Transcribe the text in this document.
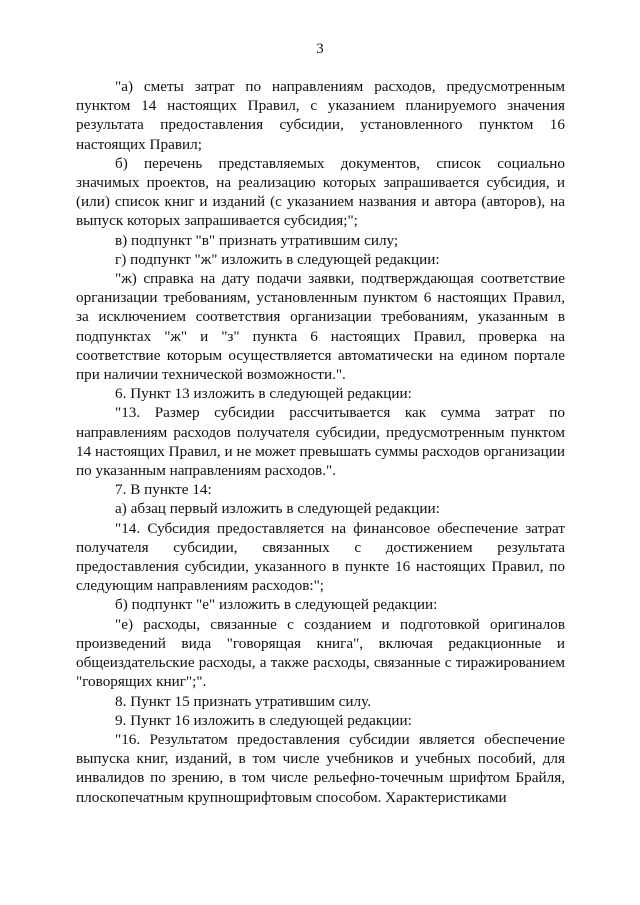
3

"а) сметы затрат по направлениям расходов, предусмотренным пунктом 14 настоящих Правил, с указанием планируемого значения результата предоставления субсидии, установленного пунктом 16 настоящих Правил;

б) перечень представляемых документов, список социально значимых проектов, на реализацию которых запрашивается субсидия, и (или) список книг и изданий (с указанием названия и автора (авторов), на выпуск которых запрашивается субсидия;";

в) подпункт "в" признать утратившим силу;

г) подпункт "ж" изложить в следующей редакции:

"ж) справка на дату подачи заявки, подтверждающая соответствие организации требованиям, установленным пунктом 6 настоящих Правил, за исключением соответствия организации требованиям, указанным в подпунктах "ж" и "з" пункта 6 настоящих Правил, проверка на соответствие которым осуществляется автоматически на едином портале при наличии технической возможности.".

6. Пункт 13 изложить в следующей редакции:

"13. Размер субсидии рассчитывается как сумма затрат по направлениям расходов получателя субсидии, предусмотренным пунктом 14 настоящих Правил, и не может превышать суммы расходов организации по указанным направлениям расходов.".

7. В пункте 14:

а) абзац первый изложить в следующей редакции:

"14. Субсидия предоставляется на финансовое обеспечение затрат получателя субсидии, связанных с достижением результата предоставления субсидии, указанного в пункте 16 настоящих Правил, по следующим направлениям расходов:";

б) подпункт "е" изложить в следующей редакции:

"е) расходы, связанные с созданием и подготовкой оригиналов произведений вида "говорящая книга", включая редакционные и общеиздательские расходы, а также расходы, связанные с тиражированием "говорящих книг";".

8. Пункт 15 признать утратившим силу.

9. Пункт 16 изложить в следующей редакции:

"16. Результатом предоставления субсидии является обеспечение выпуска книг, изданий, в том числе учебников и учебных пособий, для инвалидов по зрению, в том числе рельефно-точечным шрифтом Брайля, плоскопечатным крупношрифтовым способом. Характеристиками
